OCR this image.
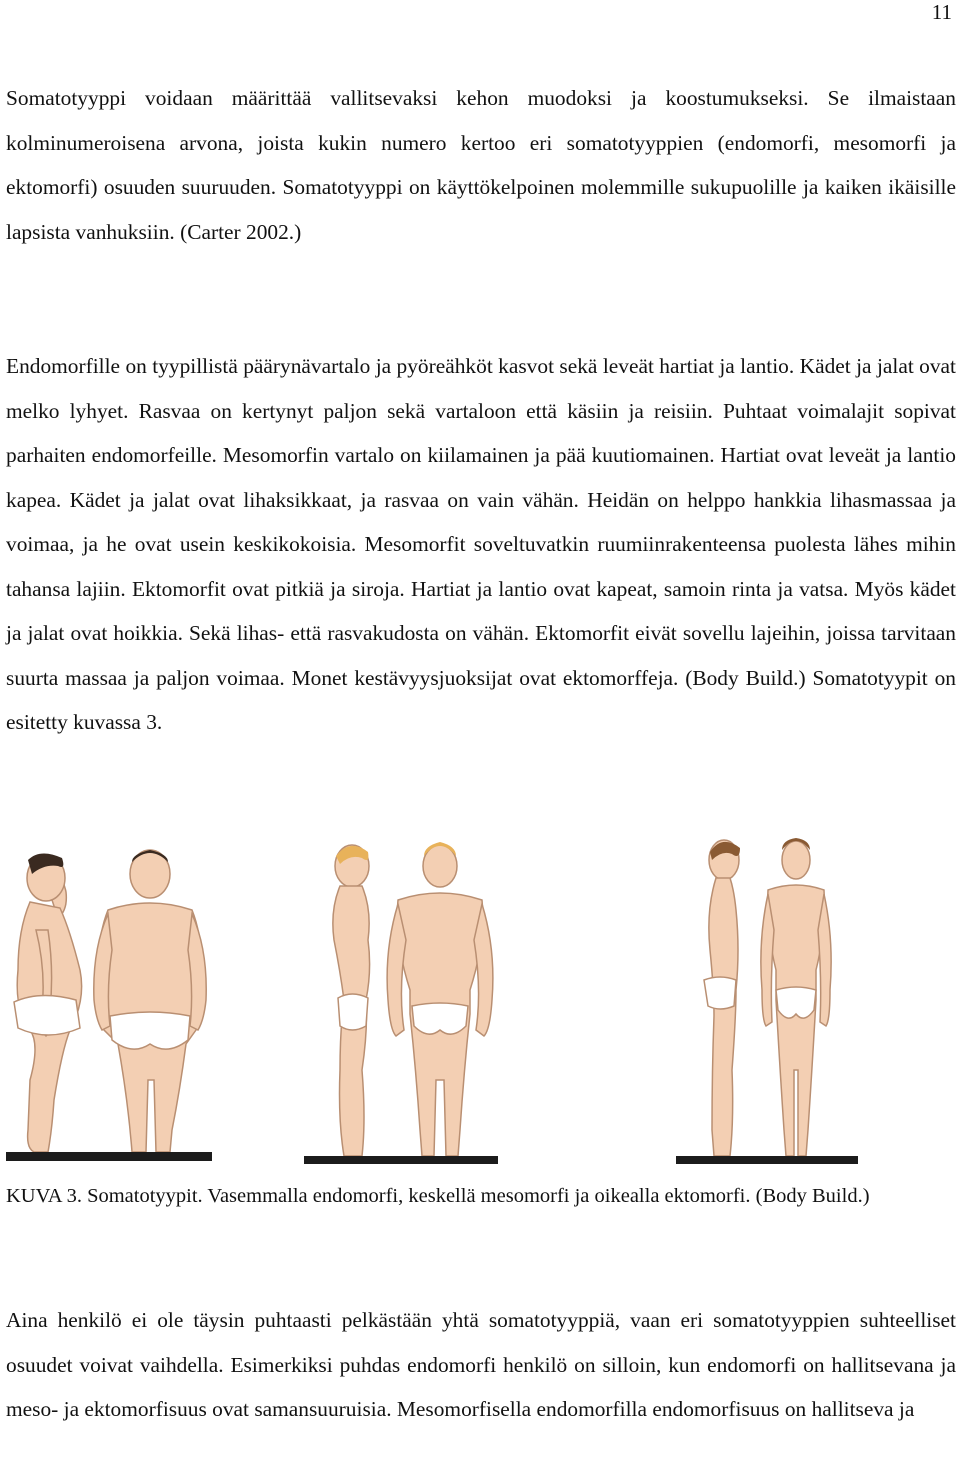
11

Somatotyyppi voidaan määrittää vallitsevaksi kehon muodoksi ja koostumukseksi. Se ilmaistaan kolminumeroisena arvona, joista kukin numero kertoo eri somatotyyppien (endomorfi, mesomorfi ja ektomorfi) osuuden suuruuden. Somatotyyppi on käyttökelpoinen molemmille sukupuolille ja kaiken ikäisille lapsista vanhuksiin. (Carter 2002.)

Endomorfille on tyypillistä päärynävartalo ja pyöreähköt kasvot sekä leveät hartiat ja lantio. Kädet ja jalat ovat melko lyhyet. Rasvaa on kertynyt paljon sekä vartaloon että käsiin ja reisiin. Puhtaat voimalajit sopivat parhaiten endomorfeille. Mesomorfin vartalo on kiilamainen ja pää kuutiomainen. Hartiat ovat leveät ja lantio kapea. Kädet ja jalat ovat lihaksikkaat, ja rasvaa on vain vähän. Heidän on helppo hankkia lihasmassaa ja voimaa, ja he ovat usein keskikokoisia. Mesomorfit soveltuvatkin ruumiinrakenteensa puolesta lähes mihin tahansa lajiin. Ektomorfit ovat pitkiä ja siroja. Hartiat ja lantio ovat kapeat, samoin rinta ja vatsa. Myös kädet ja jalat ovat hoikkia. Sekä lihas- että rasvakudosta on vähän. Ektomorfit eivät sovellu lajeihin, joissa tarvitaan suurta massaa ja paljon voimaa. Monet kestävyysjuoksijat ovat ektomorffeja. (Body Build.) Somatotyypit on esitetty kuvassa 3.

KUVA 3. Somatotyypit. Vasemmalla endomorfi, keskellä mesomorfi ja oikealla ektomorfi. (Body Build.)

Aina henkilö ei ole täysin puhtaasti pelkästään yhtä somatotyyppiä, vaan eri somatotyyppien suhteelliset osuudet voivat vaihdella. Esimerkiksi puhdas endomorfi henkilö on silloin, kun endomorfi on hallitsevana ja meso- ja ektomorfisuus ovat samansuuruisia. Mesomorfisella endomorfilla endomorfisuus on hallitseva ja
